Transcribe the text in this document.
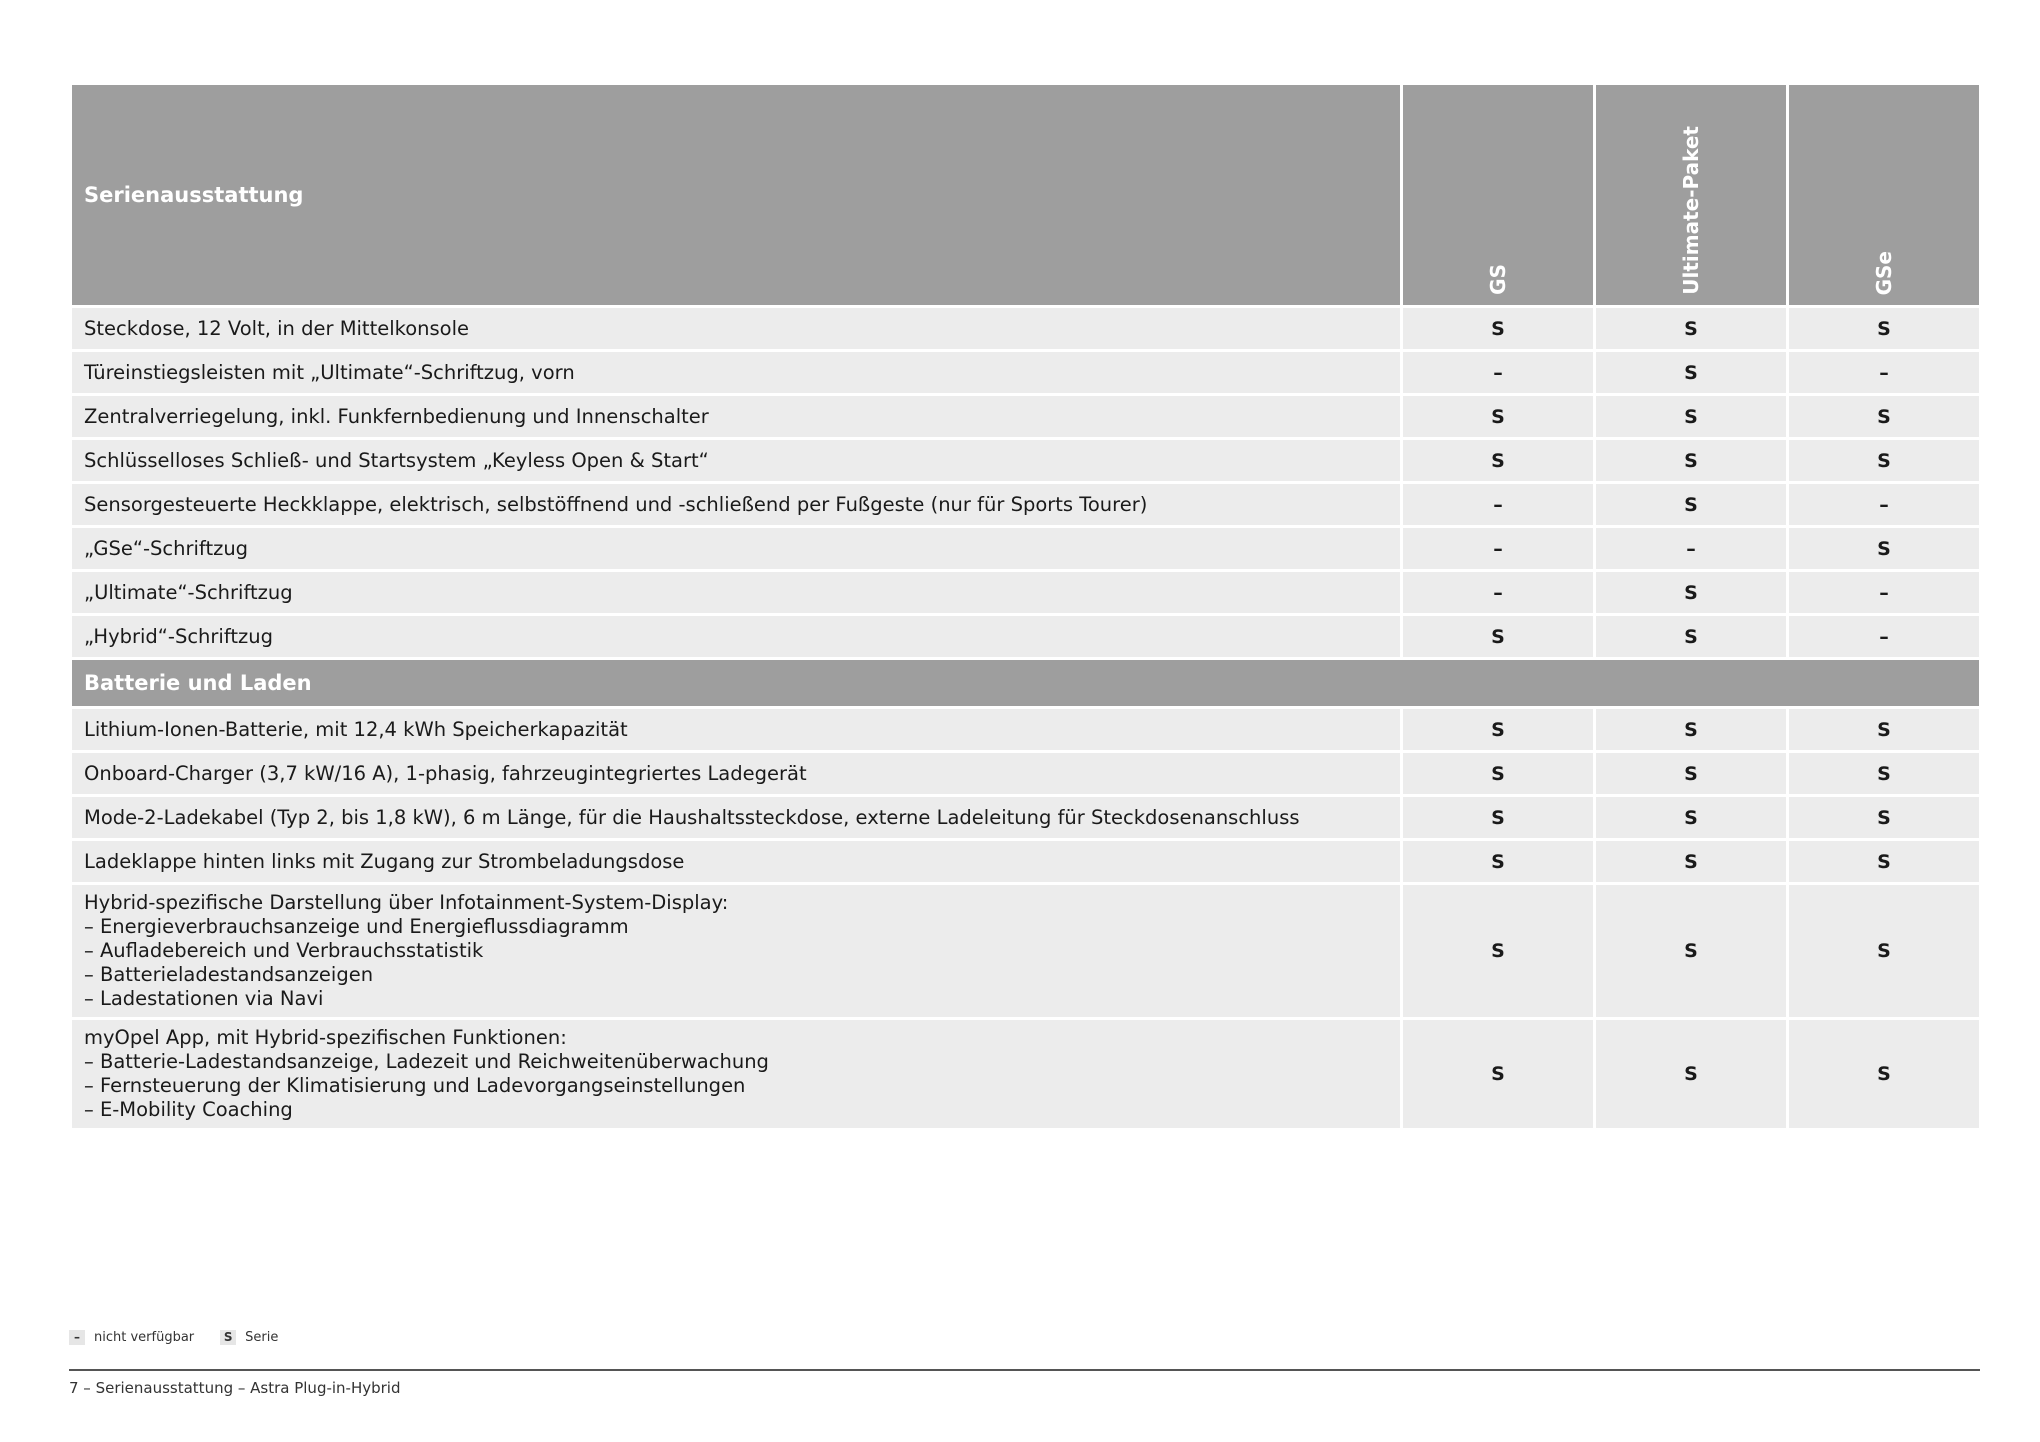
Serienausstattung	GS	Ultimate-Paket	GSe

Steckdose, 12 Volt, in der Mittelkonsole	S	S	S
Türeinstiegsleisten mit „Ultimate“-Schriftzug, vorn	–	S	–
Zentralverriegelung, inkl. Funkfernbedienung und Innenschalter	S	S	S
Schlüsselloses Schließ- und Startsystem „Keyless Open & Start“	S	S	S
Sensorgesteuerte Heckklappe, elektrisch, selbstöffnend und -schließend per Fußgeste (nur für Sports Tourer)	–	S	–
„GSe“-Schriftzug	–	–	S
„Ultimate“-Schriftzug	–	S	–
„Hybrid“-Schriftzug	S	S	–
Batterie und Laden			
Lithium-Ionen-Batterie, mit 12,4 kWh Speicherkapazität	S	S	S
Onboard-Charger (3,7 kW/16 A), 1-phasig, fahrzeugintegriertes Ladegerät	S	S	S
Mode-2-Ladekabel (Typ 2, bis 1,8 kW), 6 m Länge, für die Haushaltssteckdose, externe Ladeleitung für Steckdosenanschluss	S	S	S
Ladeklappe hinten links mit Zugang zur Strombeladungsdose	S	S	S
Hybrid-spezifische Darstellung über Infotainment-System-Display:
– Energieverbrauchsanzeige und Energieflussdiagramm
– Aufladebereich und Verbrauchsstatistik
– Batterieladestandsanzeigen
– Ladestationen via Navi	S	S	S
myOpel App, mit Hybrid-spezifischen Funktionen:
– Batterie-Ladestandsanzeige, Ladezeit und Reichweitenüberwachung
– Fernsteuerung der Klimatisierung und Ladevorgangseinstellungen
– E-Mobility Coaching	S	S	S
–	nicht verfügbar	S Serie
7 – Serienausstattung – Astra Plug-in-Hybrid
